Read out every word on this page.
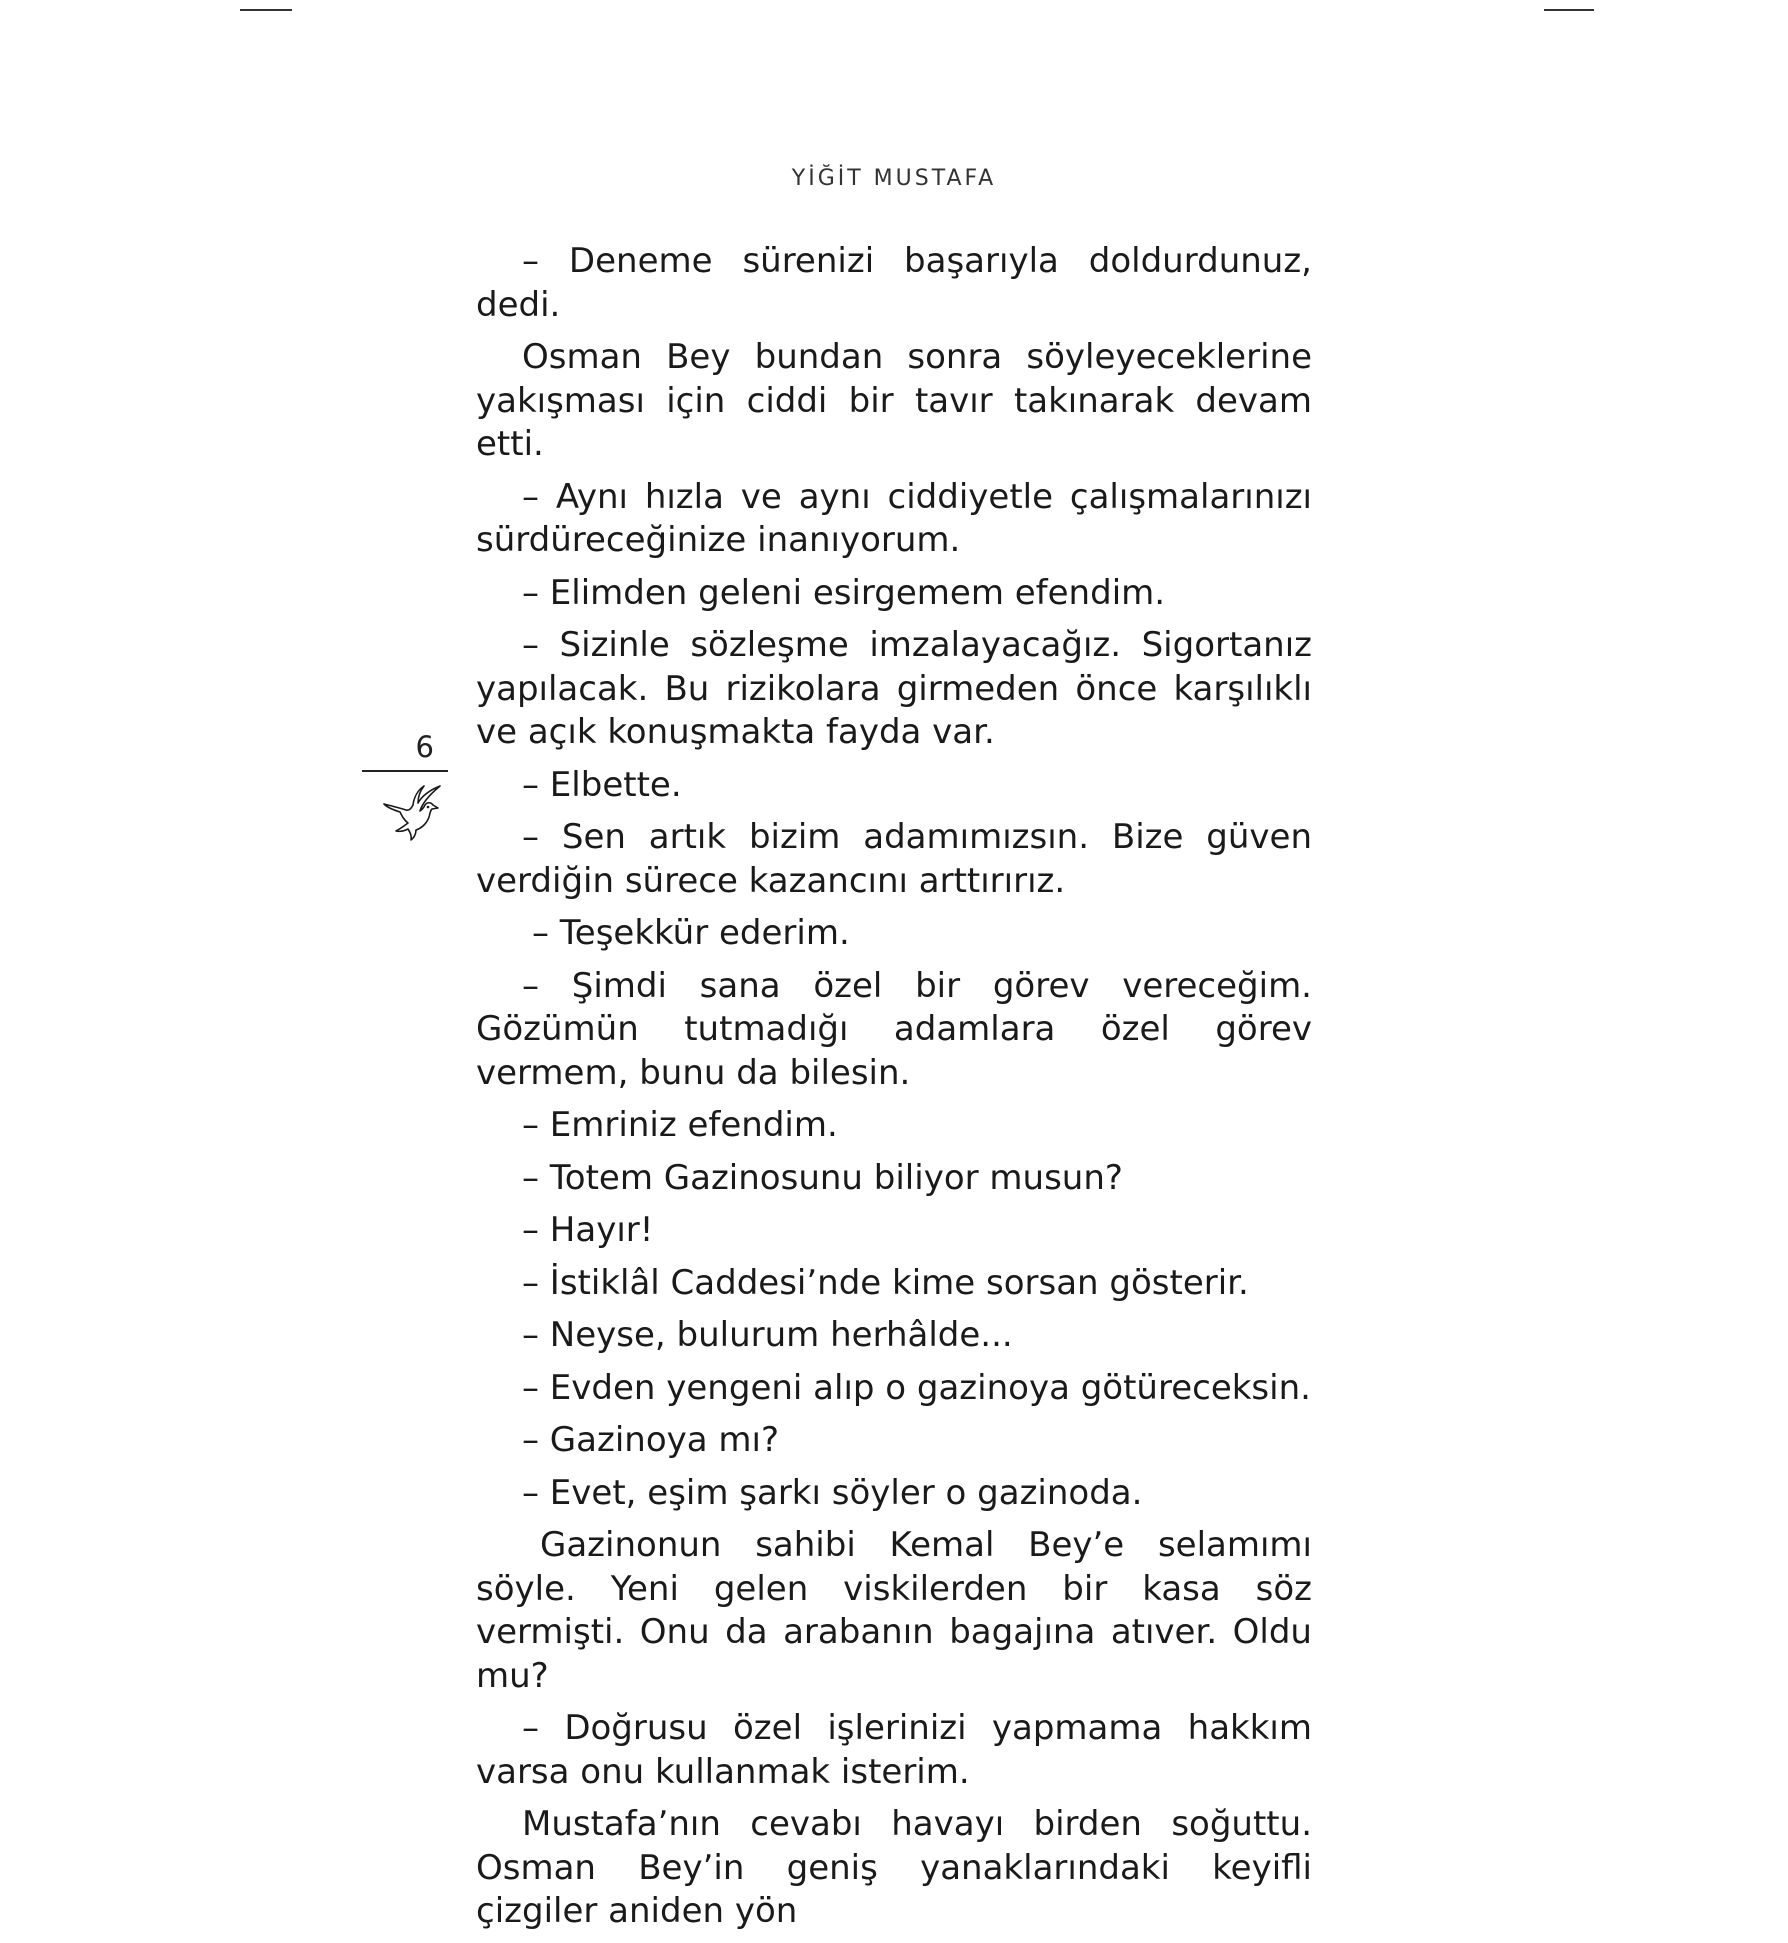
YİĞİT MUSTAFA
6

– Deneme sürenizi başarıyla doldurdunuz, dedi.

Osman Bey bundan sonra söyleyeceklerine yakışması için ciddi bir tavır takınarak devam etti.

– Aynı hızla ve aynı ciddiyetle çalışmalarınızı sürdüreceğinize inanıyorum.

– Elimden geleni esirgemem efendim.

– Sizinle sözleşme imzalayacağız. Sigortanız yapılacak. Bu rizikolara girmeden önce karşılıklı ve açık konuşmakta fayda var.

– Elbette.

– Sen artık bizim adamımızsın. Bize güven verdiğin sürece kazancını arttırırız.

– Teşekkür ederim.

– Şimdi sana özel bir görev vereceğim. Gözümün tutmadığı adamlara özel görev vermem, bunu da bilesin.

– Emriniz efendim.

– Totem Gazinosunu biliyor musun?

– Hayır!

– İstiklâl Caddesi’nde kime sorsan gösterir.

– Neyse, bulurum herhâlde...

– Evden yengeni alıp o gazinoya götüreceksin.

– Gazinoya mı?

– Evet, eşim şarkı söyler o gazinoda.

Gazinonun sahibi Kemal Bey’e selamımı söyle. Yeni gelen viskilerden bir kasa söz vermişti. Onu da arabanın bagajına atıver. Oldu mu?

– Doğrusu özel işlerinizi yapmama hakkım varsa onu kullanmak isterim.

Mustafa’nın cevabı havayı birden soğuttu. Osman Bey’in geniş yanaklarındaki keyifli çizgiler aniden yön
